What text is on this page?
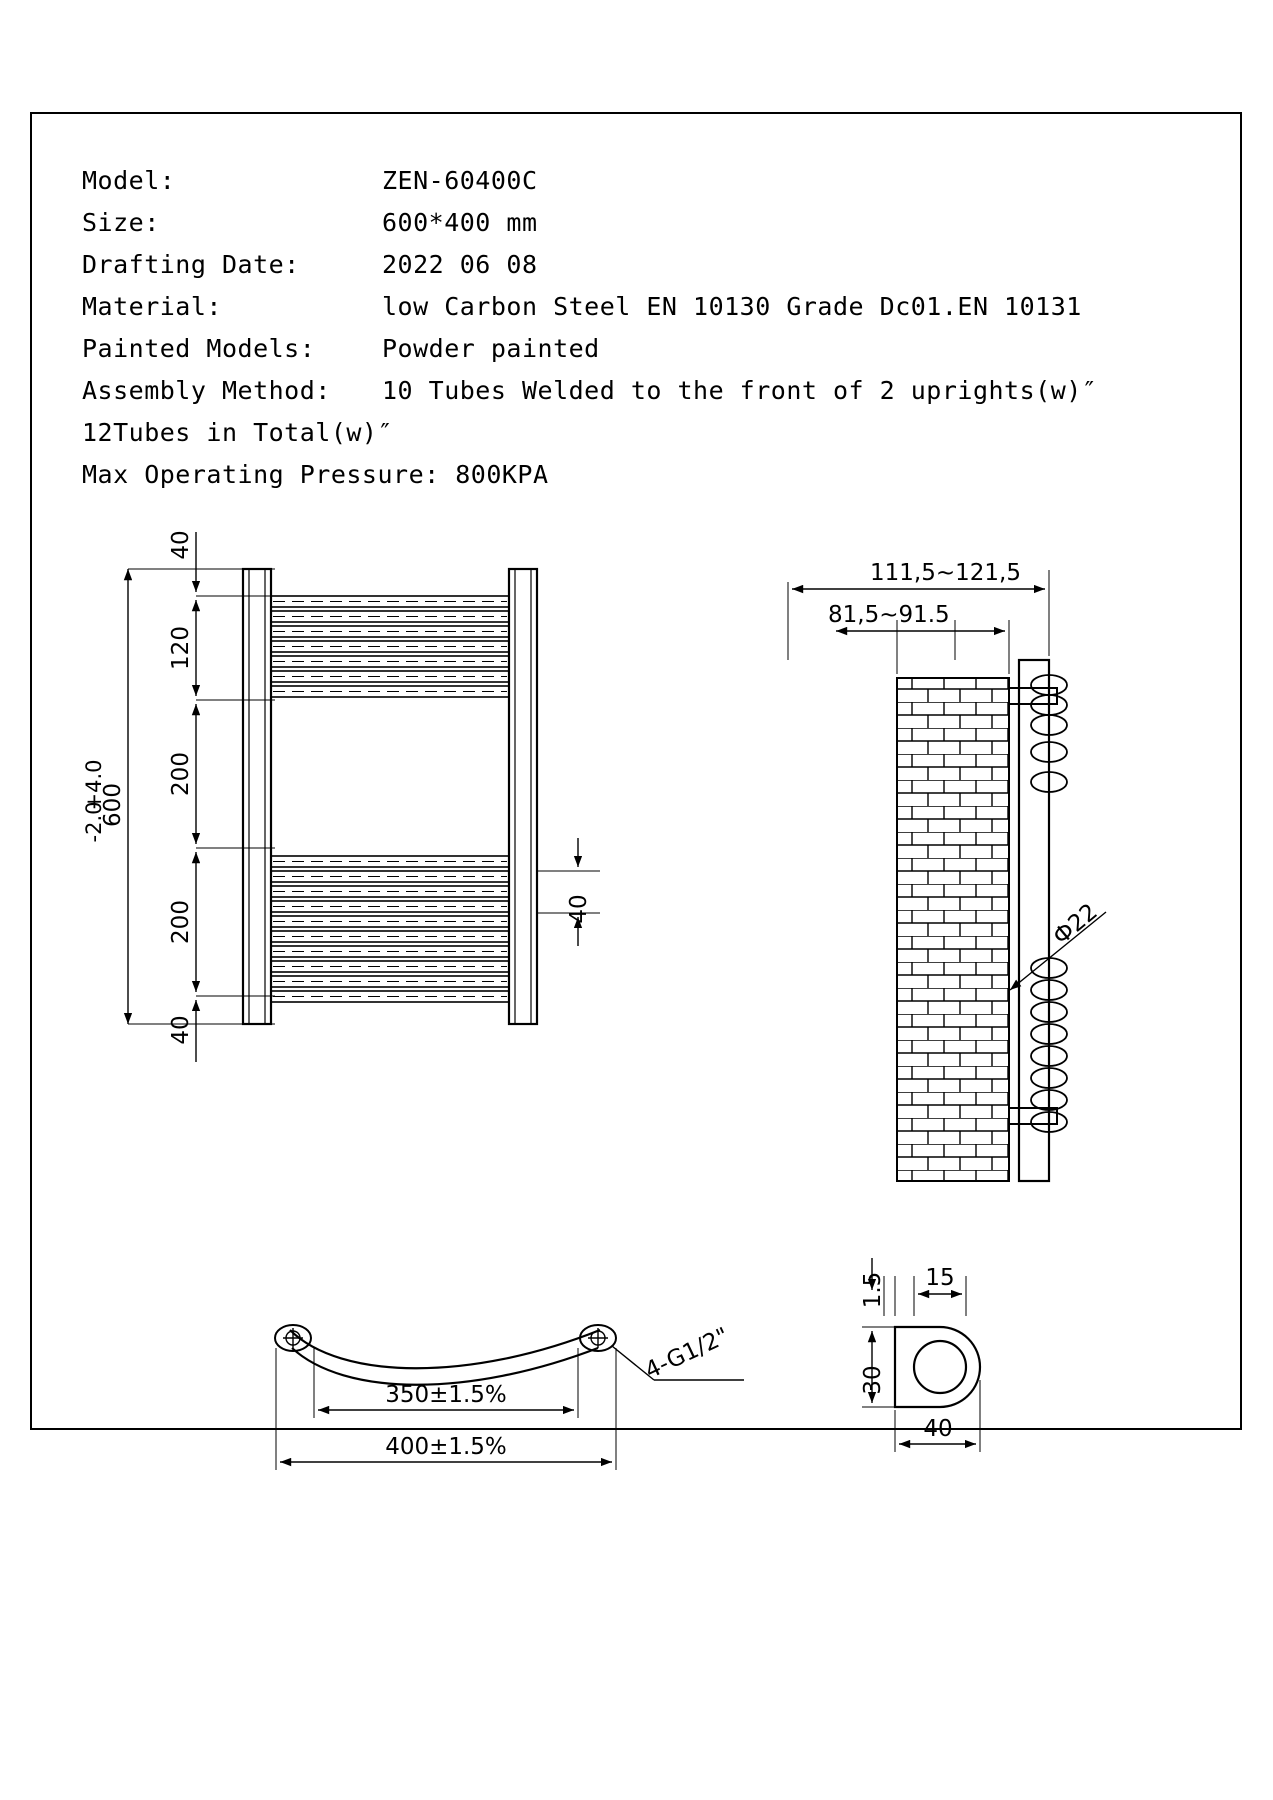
Model:	ZEN-60400C
Size:	600*400 mm
Drafting Date:	2022 06 08
Material:	low Carbon Steel EN 10130 Grade Dc01.EN 10131
Painted Models:	Powder painted
Assembly Method:	10 Tubes Welded to the front of 2 uprights(w)″
12Tubes in Total(w)″
Max Operating Pressure: 800KPA
40
120
200
200
40
600
+4.0
-2.0
40	Ф22
111,5~121,5
81,5~91.5
4-G1/2"
350±1.5%
400±1.5%
1.5 15
30
40
